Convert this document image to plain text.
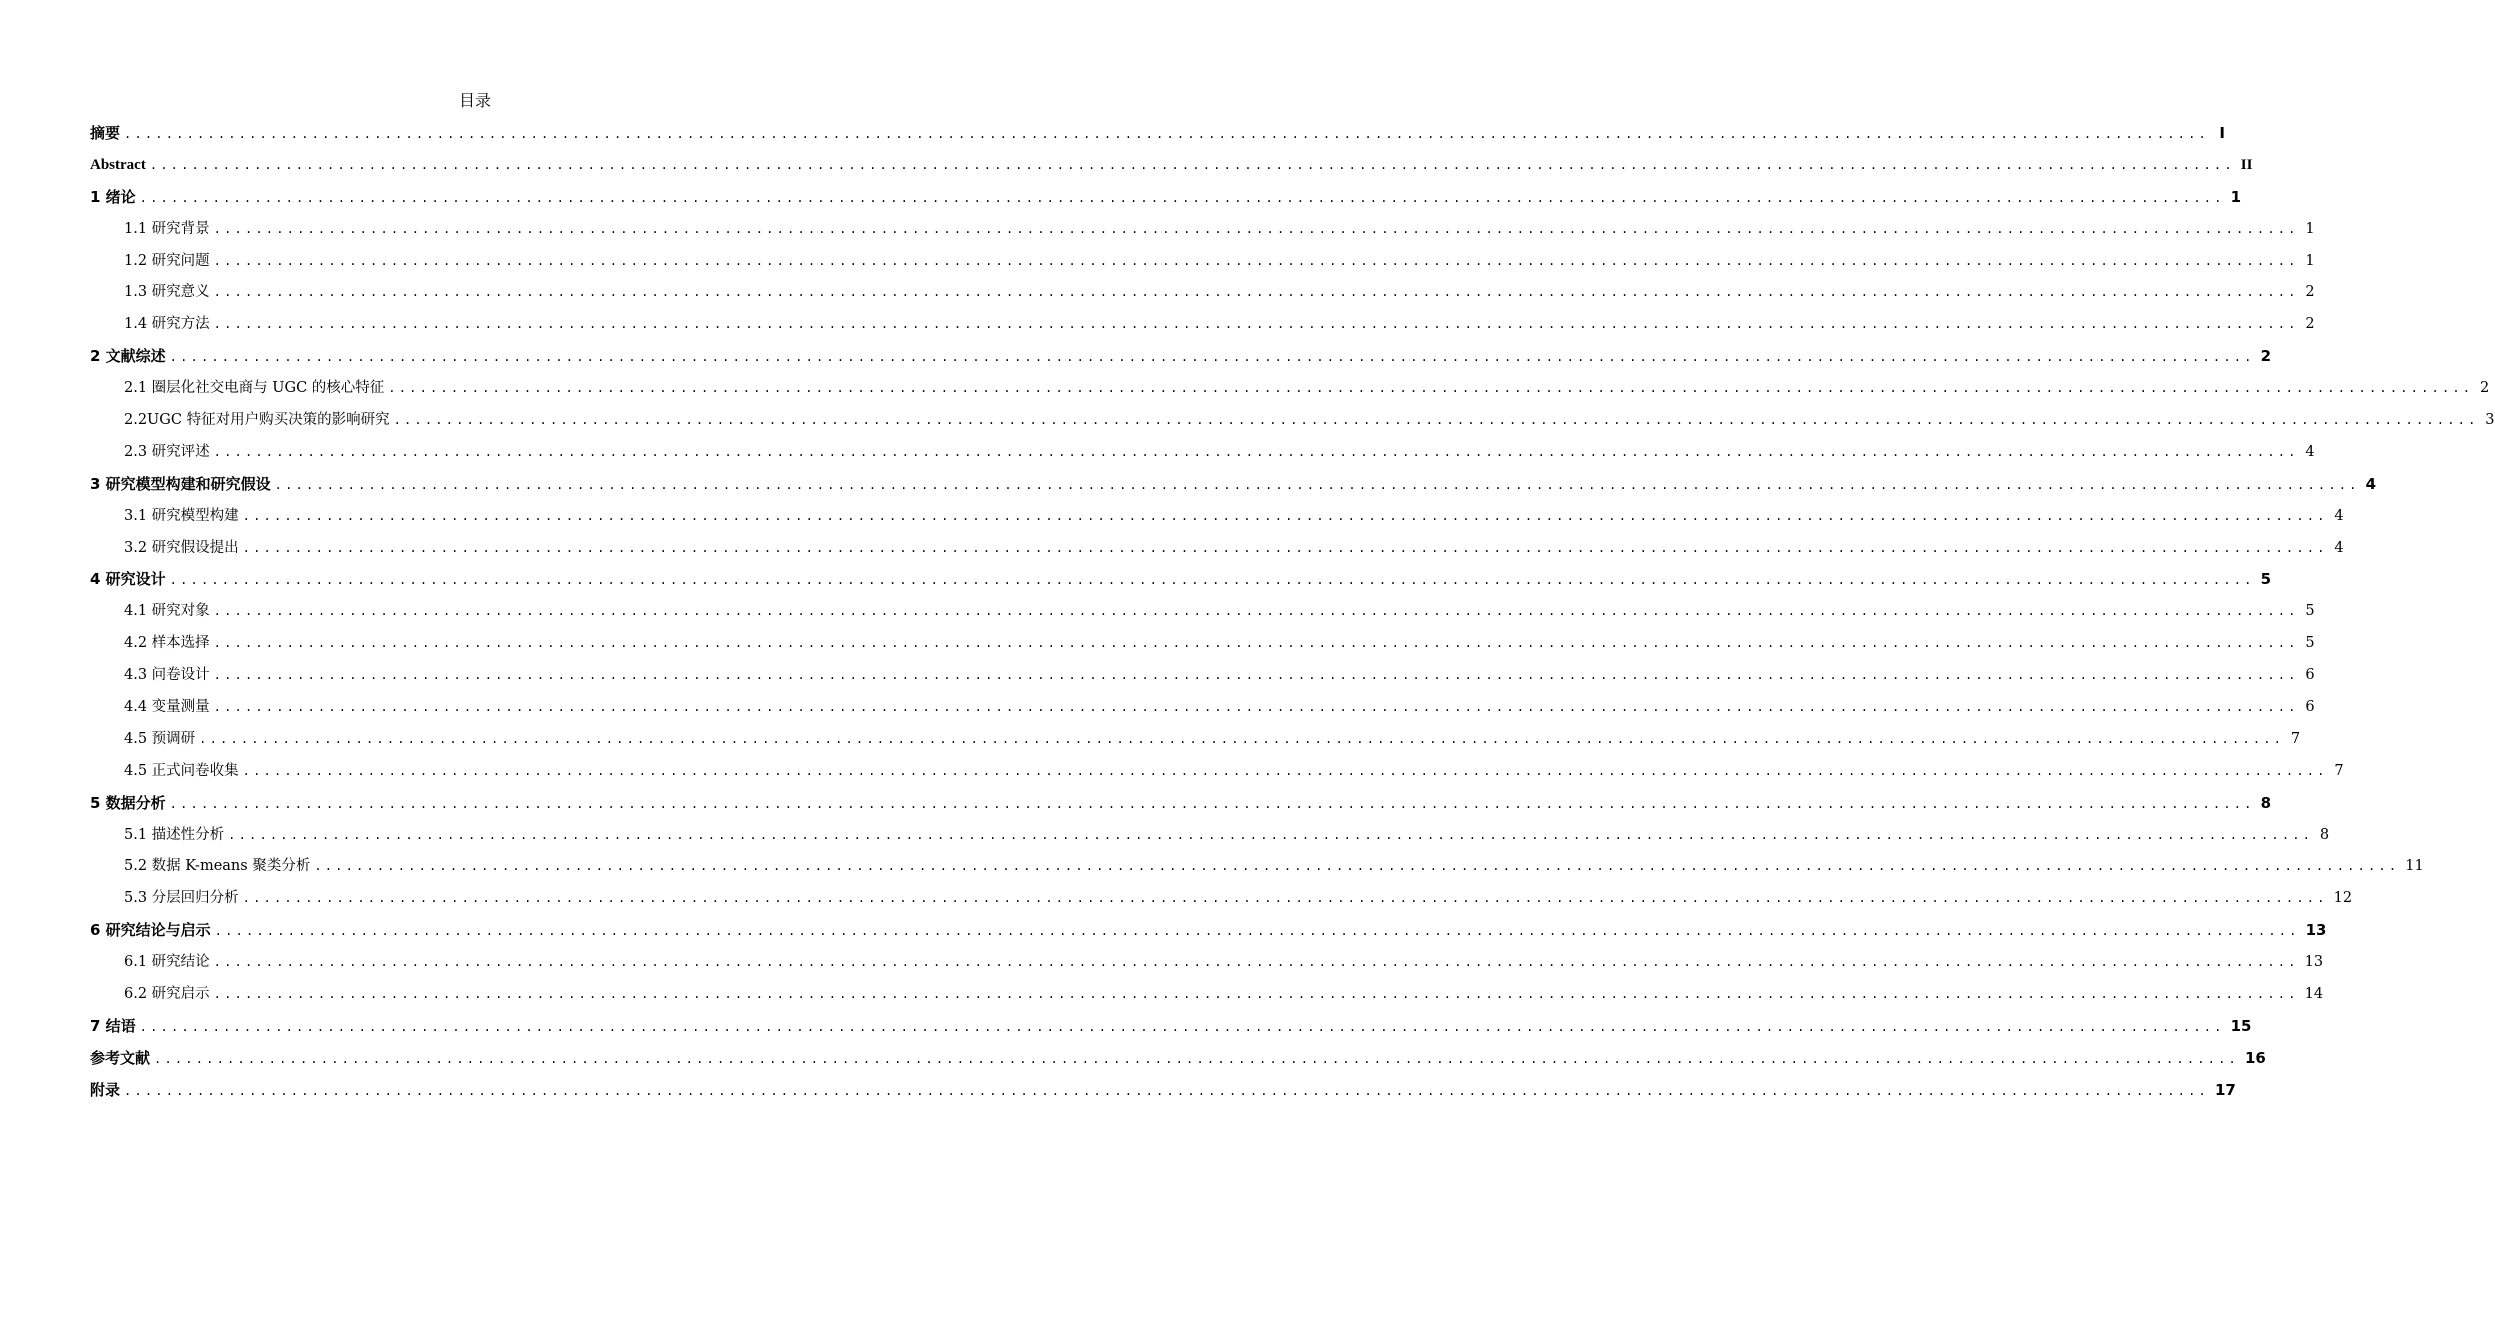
目录
摘要 ........................................................................................................................................................................................................ I
Abstract ........................................................................................................................................................................................................ II
1 绪论 ........................................................................................................................................................................................................ 1
1.1 研究背景 ........................................................................................................................................................................................................ 1
1.2 研究问题 ........................................................................................................................................................................................................ 1
1.3 研究意义 ........................................................................................................................................................................................................ 2
1.4 研究方法 ........................................................................................................................................................................................................ 2
2 文献综述 ........................................................................................................................................................................................................ 2
2.1 圈层化社交电商与 UGC 的核心特征 ........................................................................................................................................................................................................ 2
2.2UGC 特征对用户购买决策的影响研究 ........................................................................................................................................................................................................ 3
2.3 研究评述 ........................................................................................................................................................................................................ 4
3 研究模型构建和研究假设 ........................................................................................................................................................................................................ 4
3.1 研究模型构建 ........................................................................................................................................................................................................ 4
3.2 研究假设提出 ........................................................................................................................................................................................................ 4
4 研究设计 ........................................................................................................................................................................................................ 5
4.1 研究对象 ........................................................................................................................................................................................................ 5
4.2 样本选择 ........................................................................................................................................................................................................ 5
4.3 问卷设计 ........................................................................................................................................................................................................ 6
4.4 变量测量 ........................................................................................................................................................................................................ 6
4.5 预调研 ........................................................................................................................................................................................................ 7
4.5 正式问卷收集 ........................................................................................................................................................................................................ 7
5 数据分析 ........................................................................................................................................................................................................ 8
5.1 描述性分析 ........................................................................................................................................................................................................ 8
5.2 数据 K-means 聚类分析 ........................................................................................................................................................................................................ 11
5.3 分层回归分析 ........................................................................................................................................................................................................ 12
6 研究结论与启示 ........................................................................................................................................................................................................ 13
6.1 研究结论 ........................................................................................................................................................................................................ 13
6.2 研究启示 ........................................................................................................................................................................................................ 14
7 结语 ........................................................................................................................................................................................................ 15
参考文献 ........................................................................................................................................................................................................ 16
附录 ........................................................................................................................................................................................................ 17
